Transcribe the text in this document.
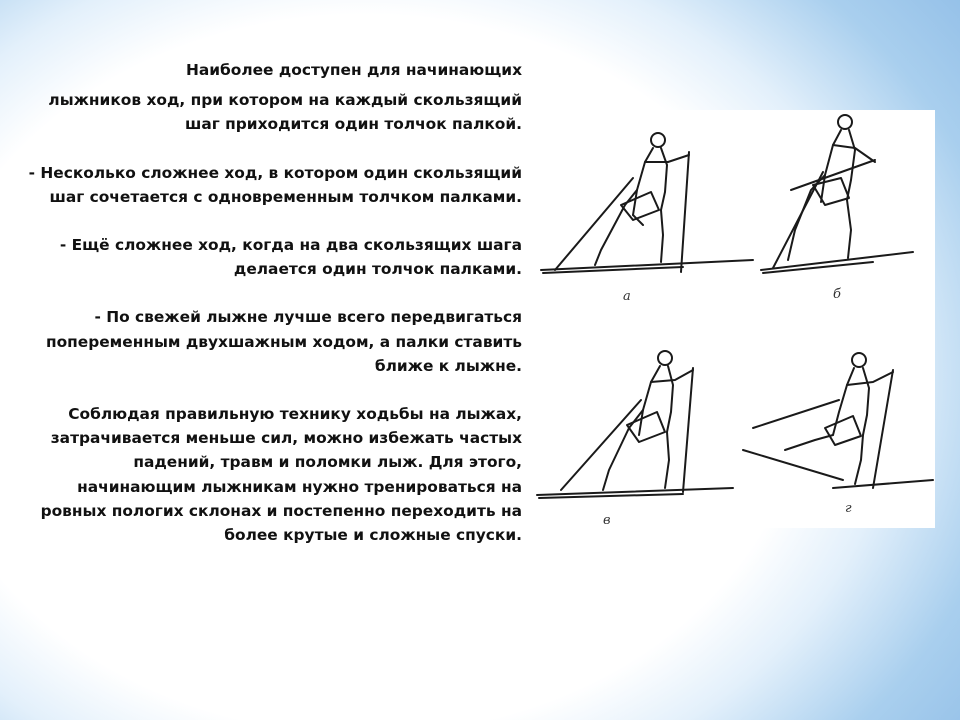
Наиболее доступен для начинающих

лыжников ход, при котором на каждый скользящий шаг приходится один толчок палкой.

- Несколько сложнее ход, в котором один скользящий шаг сочетается с одновременным толчком палками.

- Ещё сложнее ход, когда на два скользящих шага делается один толчок палками.

- По свежей лыжне лучше всего передвигаться попеременным двухшажным ходом, а палки ставить ближе к лыжне.

Соблюдая правильную технику ходьбы на лыжах, затрачивается меньше сил, можно избежать частых падений, травм и поломки лыж. Для этого, начинающим лыжникам нужно тренироваться на ровных пологих склонах и постепенно переходить на более крутые и сложные спуски.

а	б
в
г
